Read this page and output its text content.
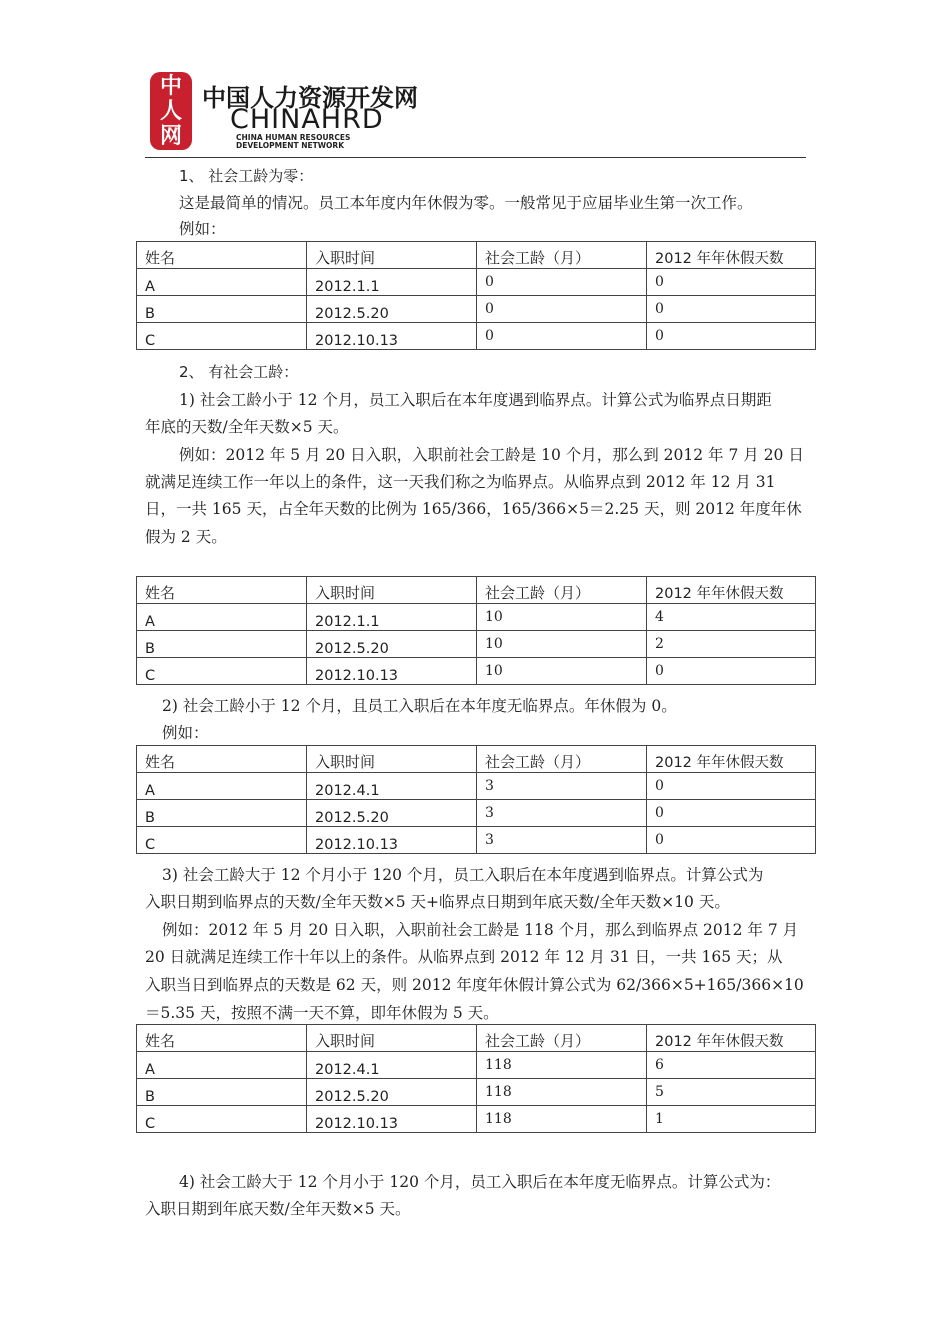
中
人
网
中国人力资源开发网
CHINAHRD
CHINA HUMAN RESOURCES
DEVELOPMENT NETWORK
1、 社会工龄为零：
这是最简单的情况。员工本年度内年休假为零。一般常见于应届毕业生第一次工作。
例如：
姓名	入职时间	社会工龄（月）	2012 年年休假天数
A	2012.1.1	0	0
B	2012.5.20	0	0
C	2012.10.13	0	0
2、 有社会工龄：
1) 社会工龄小于 12 个月，员工入职后在本年度遇到临界点。计算公式为临界点日期距
年底的天数/全年天数×5 天。
例如：2012 年 5 月 20 日入职，入职前社会工龄是 10 个月，那么到 2012 年 7 月 20 日
就满足连续工作一年以上的条件，这一天我们称之为临界点。从临界点到 2012 年 12 月 31
日，一共 165 天，占全年天数的比例为 165/366，165/366×5＝2.25 天，则 2012 年度年休
假为 2 天。
姓名	入职时间	社会工龄（月）	2012 年年休假天数
A	2012.1.1	10	4
B	2012.5.20	10	2
C	2012.10.13	10	0
2) 社会工龄小于 12 个月，且员工入职后在本年度无临界点。年休假为 0。
例如：
姓名	入职时间	社会工龄（月）	2012 年年休假天数
A	2012.4.1	3	0
B	2012.5.20	3	0
C	2012.10.13	3	0
3) 社会工龄大于 12 个月小于 120 个月，员工入职后在本年度遇到临界点。计算公式为
入职日期到临界点的天数/全年天数×5 天+临界点日期到年底天数/全年天数×10 天。
例如：2012 年 5 月 20 日入职，入职前社会工龄是 118 个月，那么到临界点 2012 年 7 月
20 日就满足连续工作十年以上的条件。从临界点到 2012 年 12 月 31 日，一共 165 天；从
入职当日到临界点的天数是 62 天，则 2012 年度年休假计算公式为 62/366×5+165/366×10
＝5.35 天，按照不满一天不算，即年休假为 5 天。
姓名	入职时间	社会工龄（月）	2012 年年休假天数
A	2012.4.1	118	6
B	2012.5.20	118	5
C	2012.10.13	118	1
4) 社会工龄大于 12 个月小于 120 个月，员工入职后在本年度无临界点。计算公式为：
入职日期到年底天数/全年天数×5 天。
